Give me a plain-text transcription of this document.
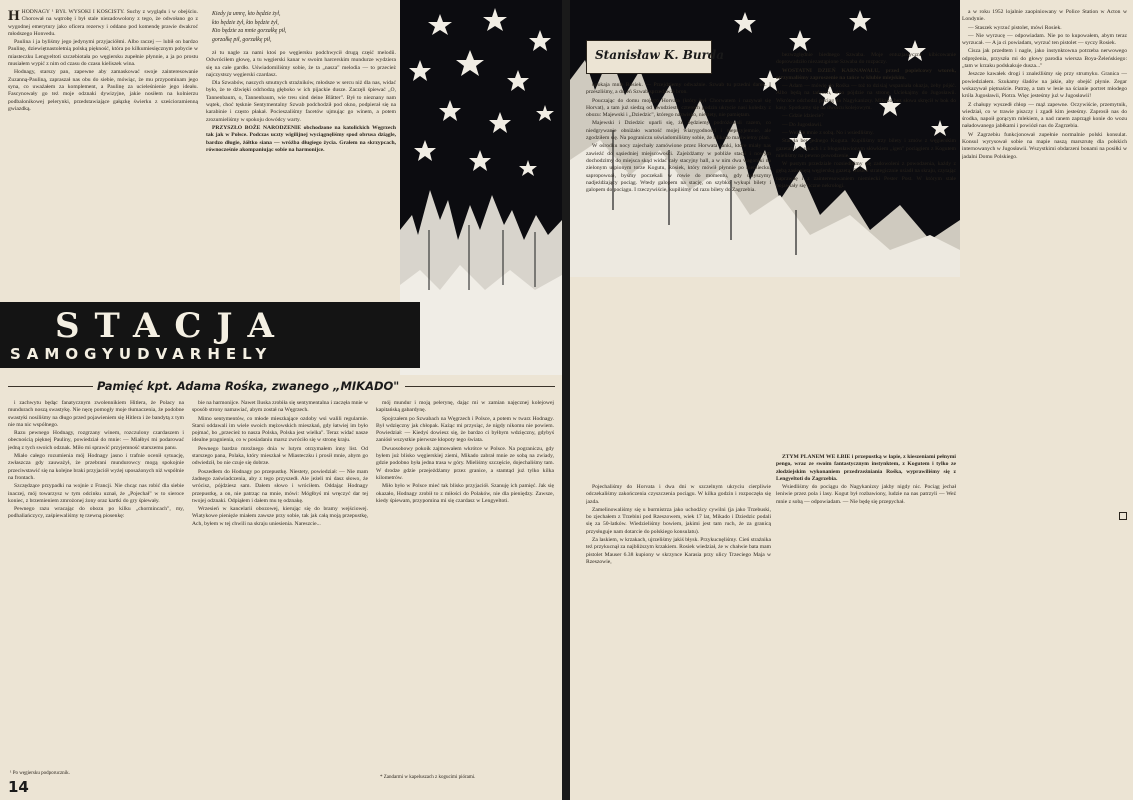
HHODNAGY ¹ BYŁ WYSOKI I KOŚCISTY. Suchy z wyglądu i w obejściu. Chorował na wątrobę i był stale niezadowolony z tego, że odwołano go z wygodnej emerytury jako oficera rezerwy i oddano pod komendę prawie dwakroć młodszego Honvedu.

Paulina i ja byliśmy jego jedynymi przyjaciółmi. Albo raczej — lubił on bardzo Paulinę, dziewiętnastoletnią polską piękność, która po kilkumiesięcznym pobycie w miasteczku Lengyeltoti szczebiotała po węgiersku zupełnie płynnie, a ja po prostu musiałem wypić z nim od czasu do czasu kieliszek wina.

Hodnagy, starszy pan, zapewne aby zamaskować swoje zainteresowanie Zuzanną-Pauliną, zapraszał nas obu do siebie, mówiąc, że mu przypominam jego syna, co uważałem za komplement, a Paulinę za ucieleśnienie jego ideału. Fascynowały go też moje odznaki dywizyjne, jakie nosiłem na kolnierzu podbalonikowej pelerynki, przedstawiające gałązkę świerku z sześcioramienną gwiazdką.

Kiedy ja umrę, kto będzie żył,
kto będzie żył, kto będzie żył,
Kto będzie za mnie gorzałkę pił,
gorzałkę pił, gorzałkę pił,

zł tu nagle za nami ktoś po węgiersku podchwycił drugą część melodii. Odwróciłem głowę, a tu węgierski kanar w swoim harcerskim mundurze wydziera się na całe gardło. Uświadomiliśmy sobie, że ta „nasza" melodia — to przecież najczystszy węgierski czardasz.

Dla Szwabów, naszych smutnych strażników, młodsze w sercu niż dla nas, widać było, że te dźwięki odchodzą głęboko w ich pijackie dusze. Zaczęli śpiewać „O, Tannenbaum, o, Tannenbaum, wie treu sind deine Blätter". Był to nieznany nam wątek, choć tęsknie Sentymentalny Szwab podchodził pod okno, podpierał się na karabinie i często płakał. Pocieszaliśmy facetów ujmując go winem, a potem zrozumieliśmy w spokoju dowódcy warty.

PRZYSZŁO BOŻE NARODZENIE obchodzone na katolickich Węgrzech tak jak w Polsce. Podczas uczty wigilijnej wyciągnęliśmy spod obrusa dziągle, bardzo długie, żółtko siana — wróżba długiego życia. Grałem na skrzypcach, równocześnie akompaniując sobie na harmonijce.

STACJA
SAMOGYUDVARHELY
Pamięć kpt. Adama Rośka, zwanego „MIKADO"

i zachwytu będąc fanatycznym zwolennikiem Hitlera, że Polacy na mundurach noszą swastykę. Nie nęcę pomogły moje tłumaczenia, że podobne swastyki nosiliśmy na długo przed pojawieniem się Hitlera i że bandytą z tym nie ma nic wspólnego.

Razu pewnego Hodnagy, rozgrzany winem, rozczulony czardaszem i obecnością pięknej Pauliny, powiedział do mnie: — Miałbyś mi podarować jedną z tych swoich odznak. Miło mi sprawić przyjemność starszemu panu.

Miało całego rozumienia mój Hodnagy jasno i trafnie ocenił sytuację, zwłaszcza gdy zauważył, że przebrani mundurowcy mogą spokojnie przeciwstawić się na kolejne braki przyjaciół wyżej uposażonych niż wspólnie na frontach.

Szczędzące przypadki na wojnie z Francji. Nie chcąc nas robić dla siebie inaczej, mój towarzysz w tym odcinku uznał, że „Pojechał" w to sieroce koniec, z brzemieniem zmrożonej żony oraz kartki do gry śpiewały.

Pewnego razu wracając do obozu po kilku „chormincach", my, podhaliańczycy, zaśpiewaliśmy tę rzewną piosenkę:

bie na harmonijce. Nawet Iluska zrobiła się sentymentalna i zaczęła mnie w sposób strony namawiać, abym został na Węgrzech.

Mimo sentymentów, co młode mieszkające ozdoby wsi walili regularnie. Starsi oddawali im wiele swoich mężowskich mieszkań, gdy łatwiej im było pojmać, bo „przecież to nasza Polska, Polska jest wielka". Teraz widać nasze idealne pragnienia, co w posiadaniu marsz zwróciło się w stronę kraju.

Pewnego bardzo mroźnego dnia w lutym otrzymałem inny list. Od starszego pana, Polaka, który mieszkał w Miasteczku i prosił mnie, abym go odwiedził, bo nie czuje się dobrze.

Poszedłem do Hodnagy po przepustkę. Niestety, powiedział: — Nie mam żadnego zaświadczenia, aby z tego przyszedł. Ale jeżeli mi dasz słowo, że wrócisz, pójdziesz sam. Dałem słowo i wróciłem. Oddając Hodnagy przepustkę, a on, nie patrząc na mnie, mówi: Mógłbyś mi wręczyć dar tej twojej odznaki. Odpiąłem i dałem mu tę odznakę.

Wrzesień w kancelarii obozowej, kierując się do bramy wejściowej. Wiatykowe pienięże miałem zawsze przy sobie, tak jak całą moją przepustkę, Ach, byłem w tej chwili na skraju uniesienia. Nareszcie...

mój mundur i moją pelerynę, dając mi w zamian najęcznej kolejowej kapitańską gabardynę.

Spojrzałem po Szwabach na Węgrzech i Polsce, a potem w twarz Hodnagy. Był wdzięczny jak chłopak. Każąc mi przysiąc, że nigdy nikomu nie powiem. Powiedział: — Kiedyś dowiesz się, że bardzo ci byłbym wdzięczny, gdybyś zaniósł wszystkie pierwsze kłopoty tego świata.

Dwuosobowy pokoik zajmowałem wkrótce w Polsce. Na pograniczu, gdy byłem już blisko węgierskiej ziemi, Mikado zabrał mnie ze sobą na zwiady, gdzie podobno była jedna trasa w góry. Mieliśmy szczęście, dojechaliśmy tam. W drodze gdzie przejeżdżamy przez granice, a stamtąd już tylko kilka kilometrów.

Miło było w Polsce mieć tak blisko przyjaciół. Szanuję ich pamięć. Jak się okazało, Hodnagy zrobił to z miłości do Polaków, nie dla pieniędzy. Zawsze, kiedy śpiewam, przypomina mi się czardasz w Lengyeltoti.

¹ Po węgiersku podporucznik.
* Zandarmi w kapeluszach z kogucimi piórami.
14
Stanisław K. Burda

a w roku 1952 lojalnie zaopiniowany w Police Station w Acton w Londynie.

— Staszek wyrzuć pistolet, mówi Rosiek.

— Nie wyrzucę — odpowiadam. Nie po to kupowałem, abym teraz wyrzucał. — A ja ci powiadam, wyrzuć ten pistolet — syczy Rosiek.

Cisza jak przedtem i nagle, jako instynktowna potrzeba nerwowego odprężenia, przyszła mi do głowy parodia wiersza Boya-Żeleńskiego: „tam w krzaku podskakuje dusza..."

Jeszcze kawałek drogi i znaleźliśmy się przy strumyku. Granica — powiedziałem. Szukamy śladów na jakie, aby obejść płynie. Zegar wskazywał piętnaście. Patrzę, a tam w lesie na ścianie portret młodego króla Jugosławii, Piotra. Więc jesteśmy już w Jugosławii!

Z chałupy wyszedł chłop — mąż zapewne. Oczywiście, przemytnik, wiedział, co w trawie piszczy i zgadł kim jesteśmy. Zaprosił nas do środka, napoił gorącym mlekiem, a nad ranem zaprzągł konie do wozu naładowanego jabłkami i powiózł nas do Zagrzebia.

W Zagrzebiu funkcjonował zupełnie normalnie polski konsulat. Konsul wyrysował sobie na mapie naszą marszrutę dla polskich internowanych w Jugosławii. Wszystkimi obdarzeni bonami na posiłki w jadalni Domu Polskiego.

upokaja mnie Rosiek. — Przejdziemy odważnie. Szwab tu przedni darek. I przeszliśmy, a dureń Szwab sprzedawał bron.

Pouczając do domu mojego Horvata (który był Chorwatem i nazywał się Horvat), a tam już siedzą od dwudziestu czterech godzin ukrycie nasi koledzy z obozu: Majewski i „Dziedzic", którego nazwisko, niestety, nie pamiętam.

Majewski i Dziedzic uparli się, że będziemy podróżowali razem, co niedgrywanie obniżało wartość mojej wiarygodności i nieprzyjemnie, ale zgodziłem się. Na pograniczu uświadomiliśmy sobie, że Mikado ma świetny plan.

W ośrodku nocy zajechały zamówione przez Horwata sanki, które miały nas zawieźć do sąsiedniej miejscowości. Zajeżdżamy w pobliże stacji i nowym dochodzimy do miejsca skąd widać cały stacyjny hall, a w nim dwa wagoniki na zielonym uśpionym torze Kogutu, Rosiek, który mówił płynnie po niemiecku, sapropowoał, byśmy poczekali w rowie do momentu, gdy usłyszymy nadjeżdżający pociąg. Wtedy galopem na stację, on szybko wykupi bilety i galopem do pociągu. I rzeczywiście, kupiliśmy od razu bilety do Zagrzebia.

bezwzględnie biednego Szwaba. Moje entuzjastyczne kibicowanie doprowadziło niezastąpione Szwaba do rozpaczy.

WOSTATNI DZIEŃ KARNAWAŁU, przed popielcowy wtorek, otrzymaliśmy zaproszenie na tańce w klubie miejskim.

— Adam — mówię do Rośka — toż to dzisiaj wspaniała okazja, żeby pójść. Albo będą na tańcach, albo pójdzie na stronę. Uciekajmy do Jugosławii. Wkrótce odchodzi pociąg do Nagykanizsy. Mikado bez słowa skręcił w bok do kasy. Spotkamy się na dworcu kolejowym.

— Gdzie idziecie?

— Do Jugosławii.

— Weźcie mnie z sobą. No i wsiedliśmy.

Staryła ber jednego Koguta. Kupiliśmy trzy bilety i zmów z węgierskim gazetami w rękach i z błogosławionym słówkiem „igen" pociągiem z Kogutem mieliśmy na pewno powodzenie.

W pustym przedziale rozsiedliśmy się zadowoleni z powodzenia, każdy z gębą zasłoniętą węgierską gazetą. Rosiek strategicznie usiadł na skraju, czytając naprawdę i z zainteresowaniem niemiecki Pester Post. W którym stale pojawiały się liczne nekrologi.

Pojechaliśmy do Horvata i dwa dni w szczelnym ukryciu cierpliwie odczekaliśmy zakończenia czyszczenia pociągu. W kilka godzin i rozpoczęła się jazda.

Zamelinowaliśmy się u burmistrza jako uchodźcy cywilni (ja jako Trzebuski, bo zjechałem z Trzebini pod Rzeszowem, wiek 17 lat, Mikado i Dziedzic podali się za 50-latków. Wiedzieliśmy bowiem, jakimi jest tam ruch, że za granicą przysługuje nam dotarcie do polskiego konsulatu).

Za laskiem, w krzakach, ujrzeliśmy jakiś błysk. Przykucnęliśmy. Cień strażnika też przykucnął za najbliższym krzakiem. Rosiek wiedział, że w chałwie bata mam pistolet Mauser 6.38 kupiony w skrzynce Karasia przy ulicy Trzeciego Maja w Rzeszowie,

ZTYM PLANEM WE ŁBIE i przepustką w łapie, z kieszeniami pełnymi pengo, wraz ze swoim fantastycznym instynktem, z Kogutem i tylko ze złodziejskim wykonaniem przedrzeźniania Rośka, wyprawiliśmy się z Lengyeltoti do Zagrzebia.

Wsiedliśmy do pociągu do Nagykanizsy jakby nigdy nic. Pociąg jechał leniwie przez pola i lasy. Kogut był rozbawiony, ludzie na nas patrzyli — Weź mnie z sobą — odpowiadam. — Nie będę się przepychał.
